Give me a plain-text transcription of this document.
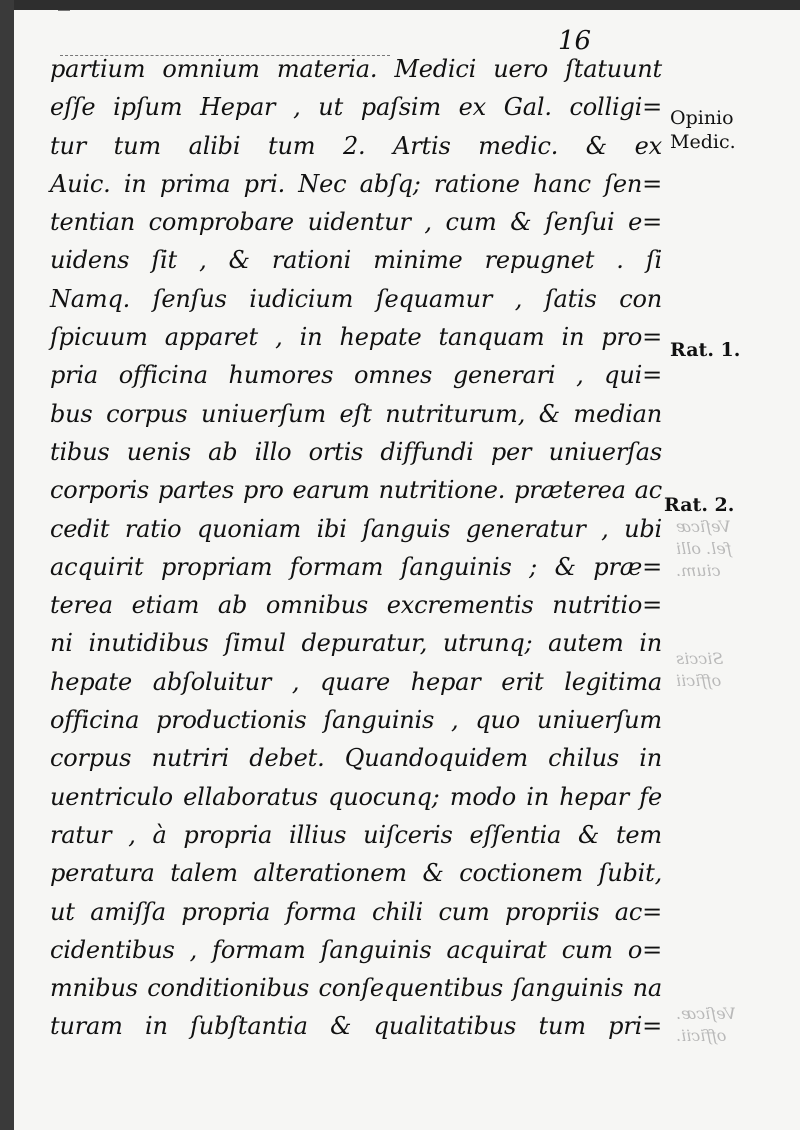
16
partium omnium materia. Medici uero ſtatuunt
eſſe ipſum Hepar , ut paſsim ex Gal. colligi=
tur tum alibi tum 2. Artis medic. & ex
Auic. in prima pri. Nec abſq; ratione hanc ſen=
tentian comprobare uidentur , cum & ſenſui e=
uidens ſit , & rationi minime repugnet . ſi
Namq. ſenſus iudicium ſequamur , ſatis con
ſpicuum apparet , in hepate tanquam in pro=
pria officina humores omnes generari , qui=
bus corpus uniuerſum eſt nutriturum, & median
tibus uenis ab illo ortis diffundi per uniuerſas
corporis partes pro earum nutritione. præterea ac
cedit ratio quoniam ibi ſanguis generatur , ubi
acquirit propriam formam ſanguinis ; & præ=
terea etiam ab omnibus excrementis nutritio=
ni inutidibus ſimul depuratur, utrunq; autem in
hepate abſoluitur , quare hepar erit legitima
officina productionis ſanguinis , quo uniuerſum
corpus nutriri debet. Quandoquidem chilus in
uentriculo ellaboratus quocunq; modo in hepar fe
ratur , à propria illius uiſceris eſſentia & tem
peratura talem alterationem & coctionem ſubit,
ut amiſſa propria forma chili cum propriis ac=
cidentibus , formam ſanguinis acquirat cum o=
mnibus conditionibus conſequentibus ſanguinis na
turam in ſubſtantia & qualitatibus tum pri=
Opinio
Medic.
Rat. 1.
Rat. 2.
Veſicæ
fel. olli
cium.
Siccis
officii
Veſicæ.
officii.
